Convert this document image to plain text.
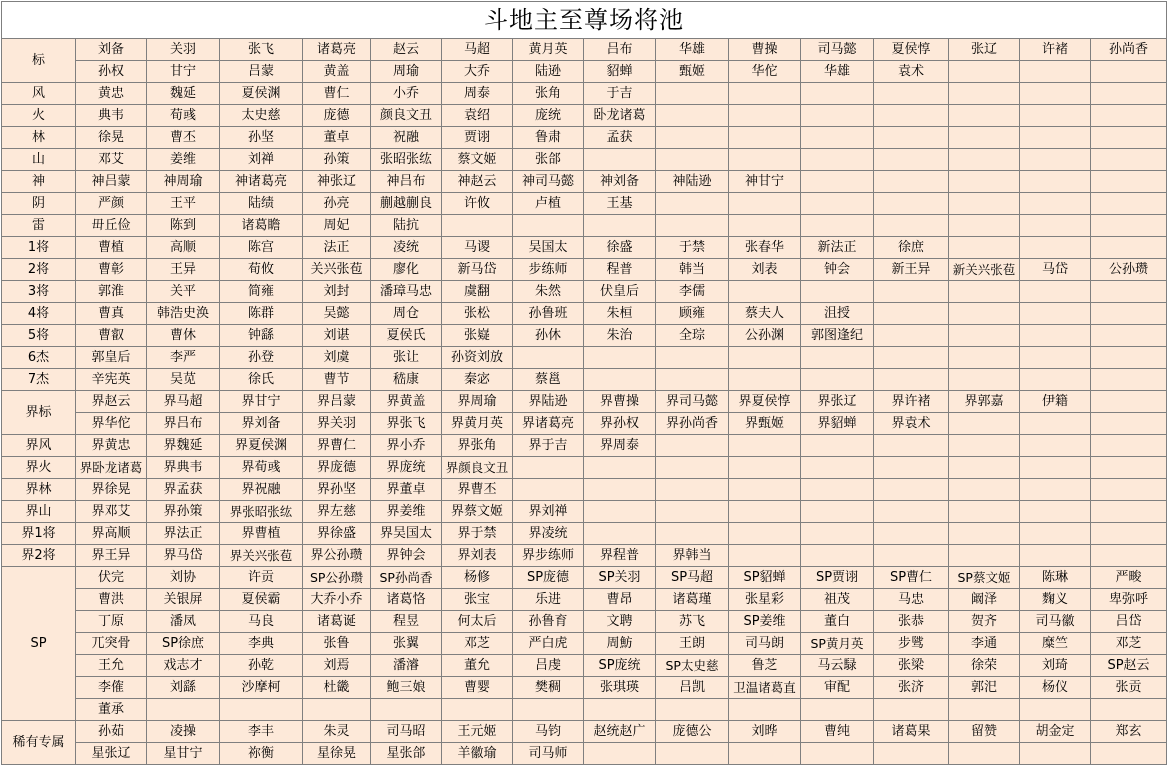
斗地主至尊场将池															
标	刘备	关羽	张飞	诸葛亮	赵云	马超	黄月英	吕布	华雄	曹操	司马懿	夏侯惇	张辽	许褚	孙尚香
	孙权	甘宁	吕蒙	黄盖	周瑜	大乔	陆逊	貂蝉	甄姬	华佗	华雄	袁术			
风	黄忠	魏延	夏侯渊	曹仁	小乔	周泰	张角	于吉							
火	典韦	荀彧	太史慈	庞德	颜良文丑	袁绍	庞统	卧龙诸葛							
林	徐晃	曹丕	孙坚	董卓	祝融	贾诩	鲁肃	孟获							
山	邓艾	姜维	刘禅	孙策	张昭张纮	蔡文姬	张郃								
神	神吕蒙	神周瑜	神诸葛亮	神张辽	神吕布	神赵云	神司马懿	神刘备	神陆逊	神甘宁					
阴	严颜	王平	陆绩	孙亮	蒯越蒯良	许攸	卢植	王基							
雷	毌丘俭	陈到	诸葛瞻	周妃	陆抗										
1将	曹植	高顺	陈宫	法正	凌统	马谡	吴国太	徐盛	于禁	张春华	新法正	徐庶			
2将	曹彰	王异	荀攸	关兴张苞	廖化	新马岱	步练师	程普	韩当	刘表	钟会	新王异	新关兴张苞	马岱	公孙瓒
3将	郭淮	关平	简雍	刘封	潘璋马忠	虞翻	朱然	伏皇后	李儒						
4将	曹真	韩浩史涣	陈群	吴懿	周仓	张松	孙鲁班	朱桓	顾雍	蔡夫人	沮授				
5将	曹叡	曹休	钟繇	刘谌	夏侯氏	张嶷	孙休	朱治	全琮	公孙渊	郭图逢纪				
6杰	郭皇后	李严	孙登	刘虞	张让	孙资刘放									
7杰	辛宪英	吴苋	徐氏	曹节	嵇康	秦宓	蔡邕								
界标	界赵云	界马超	界甘宁	界吕蒙	界黄盖	界周瑜	界陆逊	界曹操	界司马懿	界夏侯惇	界张辽	界许褚	界郭嘉	伊籍	
	界华佗	界吕布	界刘备	界关羽	界张飞	界黄月英	界诸葛亮	界孙权	界孙尚香	界甄姬	界貂蝉	界袁术			
界风	界黄忠	界魏延	界夏侯渊	界曹仁	界小乔	界张角	界于吉	界周泰							
界火	界卧龙诸葛	界典韦	界荀彧	界庞德	界庞统	界颜良文丑									
界林	界徐晃	界孟获	界祝融	界孙坚	界董卓	界曹丕									
界山	界邓艾	界孙策	界张昭张纮	界左慈	界姜维	界蔡文姬	界刘禅								
界1将	界高顺	界法正	界曹植	界徐盛	界吴国太	界于禁	界凌统								
界2将	界王异	界马岱	界关兴张苞	界公孙瓒	界钟会	界刘表	界步练师	界程普	界韩当						
SP	伏完	刘协	许贡	SP公孙瓒	SP孙尚香	杨修	SP庞德	SP关羽	SP马超	SP貂蝉	SP贾诩	SP曹仁	SP蔡文姬	陈琳	严畯
	曹洪	关银屏	夏侯霸	大乔小乔	诸葛恪	张宝	乐进	曹昂	诸葛瑾	张星彩	祖茂	马忠	阚泽	麴义	卑弥呼
	丁原	潘凤	马良	诸葛诞	程昱	何太后	孙鲁育	文聘	苏飞	SP姜维	董白	张恭	贺齐	司马徽	吕岱
	兀突骨	SP徐庶	李典	张鲁	张翼	邓芝	严白虎	周魴	王朗	司马朗	SP黄月英	步骘	李通	糜竺	邓芝
	王允	戏志才	孙乾	刘焉	潘濬	董允	吕虔	SP庞统	SP太史慈	鲁芝	马云騄	张梁	徐荣	刘琦	SP赵云
	李傕	刘繇	沙摩柯	杜畿	鲍三娘	曹婴	樊稠	张琪瑛	吕凯	卫温诸葛直	审配	张济	郭汜	杨仪	张贡
	董承														
稀有专属	孙茹	凌操	李丰	朱灵	司马昭	王元姬	马钧	赵统赵广	庞德公	刘晔	曹纯	诸葛果	留赞	胡金定	郑玄
	星张辽	星甘宁	祢衡	星徐晃	星张郃	羊徽瑜	司马师								
